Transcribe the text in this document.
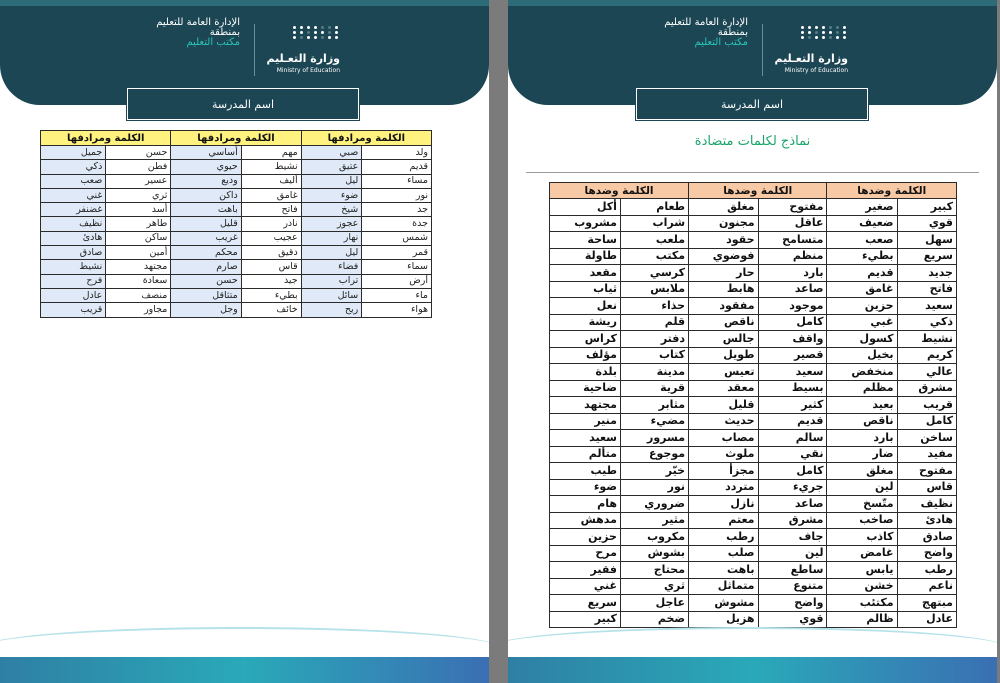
الإدارة العامة للتعليم
بمنطقة
مكتب التعليم
وزارة التعـليم
Ministry of Education
اسم المدرسة
الكلمة ومرادفها		الكلمة ومرادفها		الكلمة ومرادفها	
ولد	صبي	مهم	أساسي	حسن	جميل
قديم	عتيق	نشيط	حيوي	فطن	ذكي
مساء	ليل	أليف	وديع	عسير	صعب
نور	ضوء	غامق	داكن	ثري	غني
جد	شيخ	فاتح	باهت	أسد	غضنفر
جدة	عجوز	نادر	قليل	طاهر	نظيف
شمس	نهار	عجيب	غريب	ساكن	هادئ
قمر	ليل	دقيق	محكم	أمين	صادق
سماء	فضاء	قاس	صارم	مجتهد	نشيط
أرض	تراب	جيد	حسن	سعادة	فرح
ماء	سائل	بطيء	متثاقل	منصف	عادل
هواء	ريح	خائف	وجل	مجاور	قريب
الإدارة العامة للتعليم
بمنطقة
مكتب التعليم
وزارة التعـليم
Ministry of Education
اسم المدرسة
نماذج لكلمات متضادة
الكلمة وضدها		الكلمة وضدها		الكلمة وضدها	
كبير	صغير	مفتوح	مغلق	طعام	أكل
قوي	ضعيف	عاقل	مجنون	شراب	مشروب
سهل	صعب	متسامح	حقود	ملعب	ساحة
سريع	بطيء	منظم	فوضوي	مكتب	طاولة
جديد	قديم	بارد	حار	كرسي	مقعد
فاتح	غامق	صاعد	هابط	ملابس	ثياب
سعيد	حزين	موجود	مفقود	حذاء	نعل
ذكي	غبي	كامل	ناقص	قلم	ريشة
نشيط	كسول	واقف	جالس	دفتر	كراس
كريم	بخيل	قصير	طويل	كتاب	مؤلف
عالي	منخفض	سعيد	تعيس	مدينة	بلدة
مشرق	مظلم	بسيط	معقد	قرية	ضاحية
قريب	بعيد	كثير	قليل	مثابر	مجتهد
كامل	ناقص	قديم	حديث	مضيء	منير
ساخن	بارد	سالم	مصاب	مسرور	سعيد
مفيد	ضار	نقي	ملوث	موجوع	متألم
مفتوح	مغلق	كامل	مجزأ	خيّر	طيب
قاس	لين	جريء	متردد	نور	ضوء
نظيف	متّسخ	صاعد	نازل	ضروري	هام
هادئ	صاخب	مشرق	معتم	مثير	مدهش
صادق	كاذب	جاف	رطب	مكروب	حزين
واضح	غامض	لين	صلب	بشوش	مرح
رطب	يابس	ساطع	باهت	محتاج	فقير
ناعم	خشن	متنوع	متماثل	ثري	غني
مبتهج	مكتئب	واضح	مشوش	عاجل	سريع
عادل	ظالم	قوي	هزيل	ضخم	كبير
